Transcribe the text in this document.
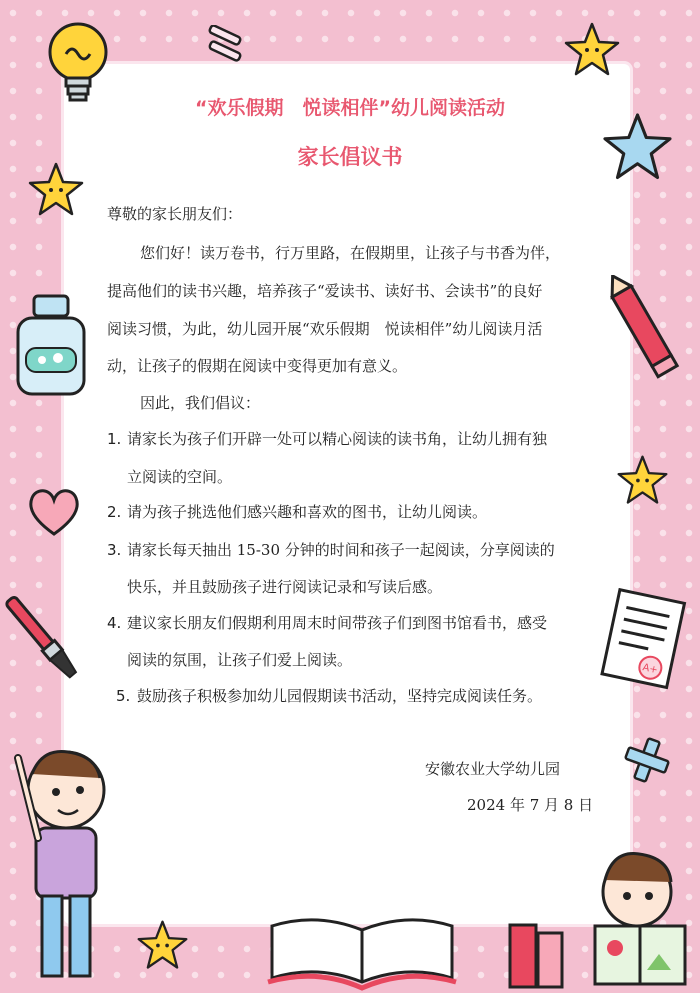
A+
“欢乐假期　悦读相伴”幼儿阅读活动
家长倡议书
尊敬的家长朋友们：
您们好！读万卷书，行万里路，在假期里，让孩子与书香为伴，
提高他们的读书兴趣，培养孩子“爱读书、读好书、会读书”的良好
阅读习惯，为此，幼儿园开展“欢乐假期　悦读相伴”幼儿阅读月活
动，让孩子的假期在阅读中变得更加有意义。
因此，我们倡议：
1. 请家长为孩子们开辟一处可以精心阅读的读书角，让幼儿拥有独
立阅读的空间。
2. 请为孩子挑选他们感兴趣和喜欢的图书，让幼儿阅读。
3. 请家长每天抽出 15-30 分钟的时间和孩子一起阅读，分享阅读的
快乐，并且鼓励孩子进行阅读记录和写读后感。
4. 建议家长朋友们假期利用周末时间带孩子们到图书馆看书，感受
阅读的氛围，让孩子们爱上阅读。
5. 鼓励孩子积极参加幼儿园假期读书活动，坚持完成阅读任务。
安徽农业大学幼儿园
2024 年 7 月 8 日
